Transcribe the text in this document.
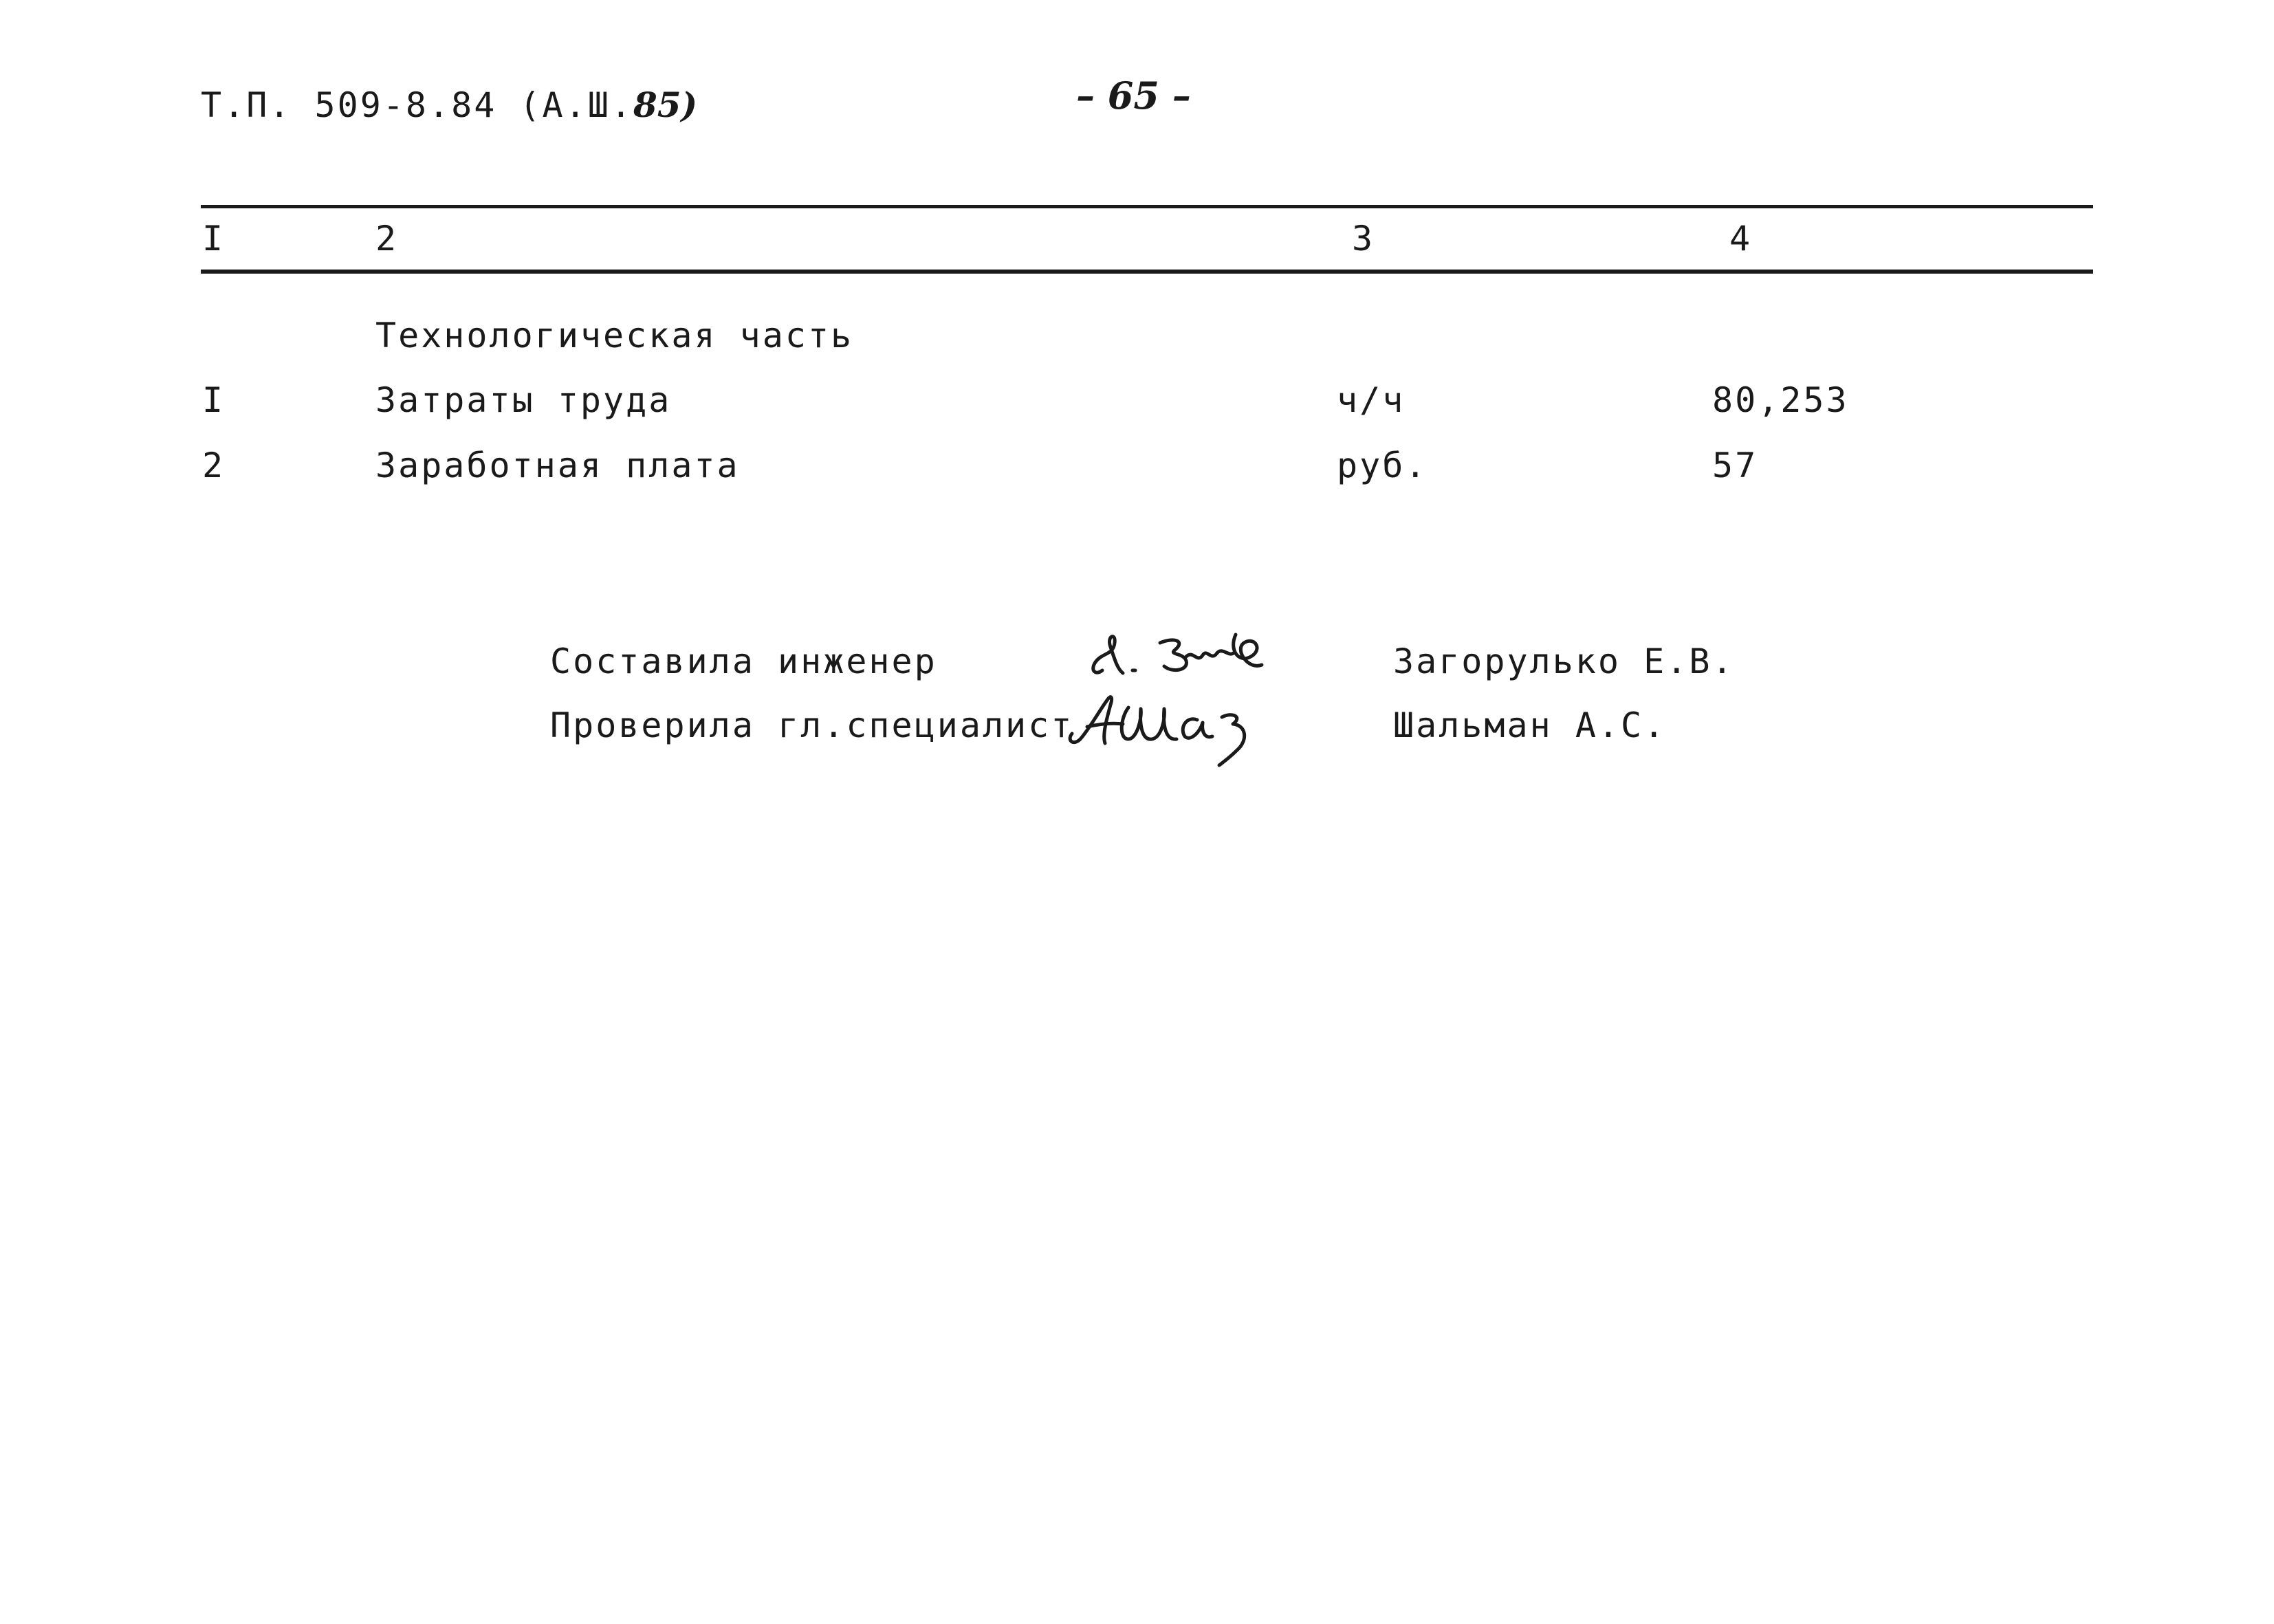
Т.П. 509-8.84 (А.Ш.85)	– 65 –
I	2	3	4
Технологическая часть
I	Затраты труда	ч/ч	80,253
2	Заработная плата	руб.	57
Составила инженер	Загорулько Е.В.
Проверила гл.специалист	Шальман А.С.
